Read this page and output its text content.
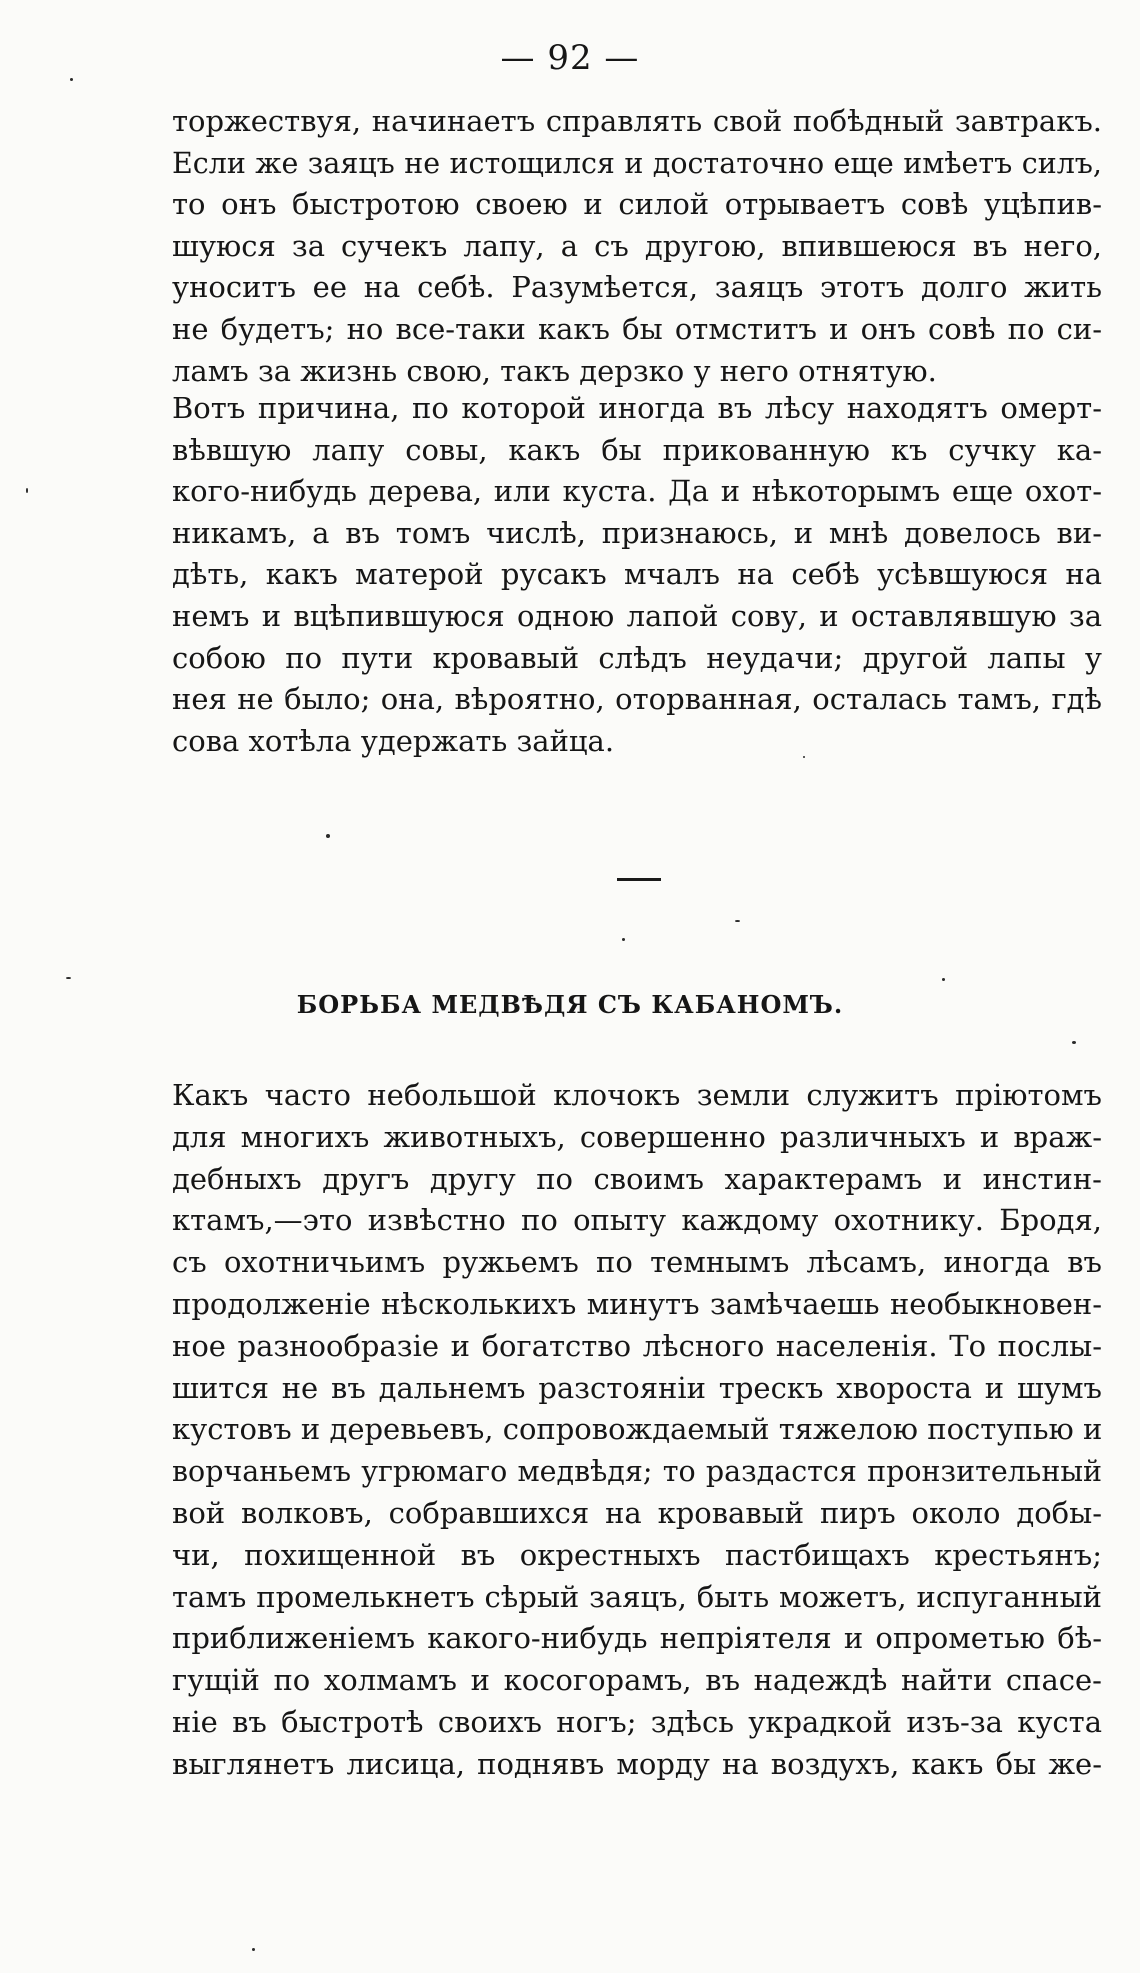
— 92 —
торжествуя, начинаетъ справлять свой побѣдный завтракъ.
Если же заяцъ не истощился и достаточно еще имѣетъ силъ,
то онъ быстротою своею и силой отрываетъ совѣ уцѣпив-
шуюся за сучекъ лапу, а съ другою, впившеюся въ него,
уноситъ ее на себѣ. Разумѣется, заяцъ этотъ долго жить
не будетъ; но все-таки какъ бы отмститъ и онъ совѣ по си-
ламъ за жизнь свою, такъ дерзко у него отнятую.
Вотъ причина, по которой иногда въ лѣсу находятъ омерт-
вѣвшую лапу совы, какъ бы прикованную къ сучку ка-
кого-нибудь дерева, или куста. Да и нѣкоторымъ еще охот-
никамъ, а въ томъ числѣ, признаюсь, и мнѣ довелось ви-
дѣть, какъ матерой русакъ мчалъ на себѣ усѣвшуюся на
немъ и вцѣпившуюся одною лапой сову, и оставлявшую за
собою по пути кровавый слѣдъ неудачи; другой лапы у
нея не было; она, вѣроятно, оторванная, осталась тамъ, гдѣ
сова хотѣла удержать зайца.
БОРЬБА МЕДВѢДЯ СЪ КАБАНОМЪ.
Какъ часто небольшой клочокъ земли служитъ пріютомъ
для многихъ животныхъ, совершенно различныхъ и враж-
дебныхъ другъ другу по своимъ характерамъ и инстин-
ктамъ,—это извѣстно по опыту каждому охотнику. Бродя,
съ охотничьимъ ружьемъ по темнымъ лѣсамъ, иногда въ
продолженіе нѣсколькихъ минутъ замѣчаешь необыкновен-
ное разнообразіе и богатство лѣсного населенія. То послы-
шится не въ дальнемъ разстояніи трескъ хвороста и шумъ
кустовъ и деревьевъ, сопровождаемый тяжелою поступью и
ворчаньемъ угрюмаго медвѣдя; то раздастся пронзительный
вой волковъ, собравшихся на кровавый пиръ около добы-
чи, похищенной въ окрестныхъ пастбищахъ крестьянъ;
тамъ промелькнетъ сѣрый заяцъ, быть можетъ, испуганный
приближеніемъ какого-нибудь непріятеля и опрометью бѣ-
гущій по холмамъ и косогорамъ, въ надеждѣ найти спасе-
ніе въ быстротѣ своихъ ногъ; здѣсь украдкой изъ-за куста
выглянетъ лисица, поднявъ морду на воздухъ, какъ бы же-
